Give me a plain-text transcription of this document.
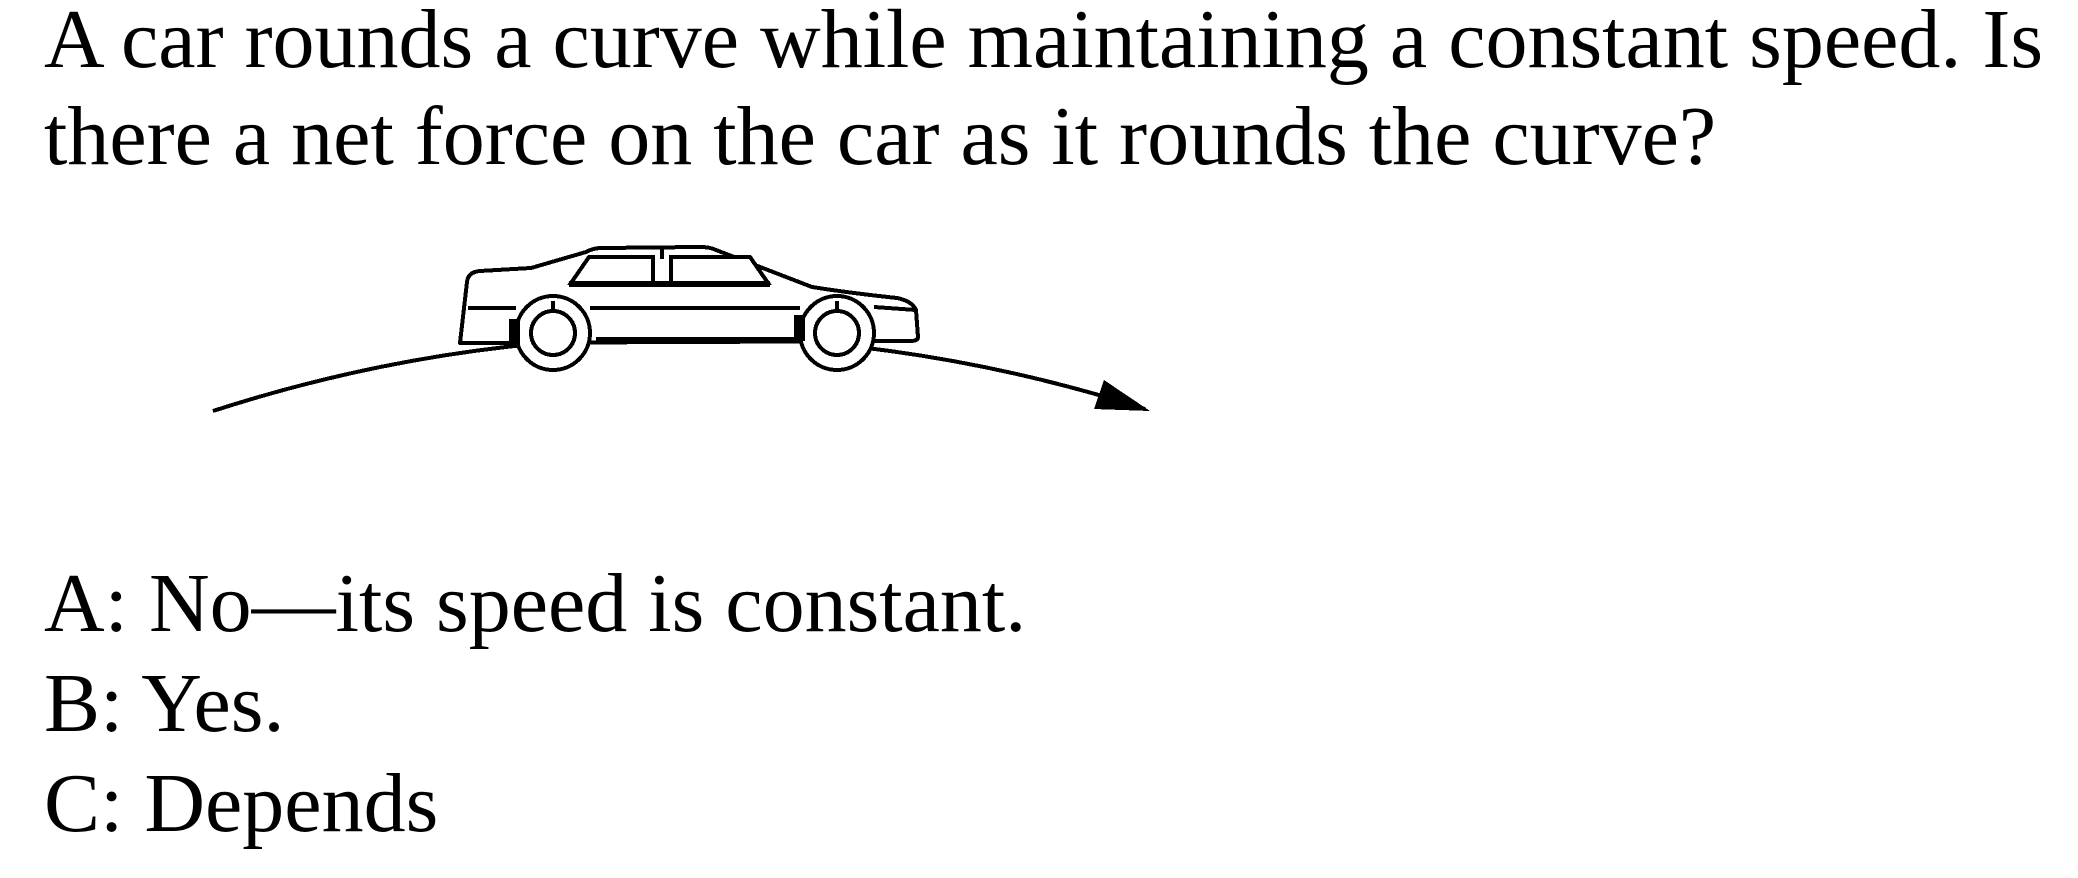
A car rounds a curve while maintaining a constant speed. Is
there a net force on the car as it rounds the curve?
A: No—its speed is constant.
B: Yes.
C: Depends
